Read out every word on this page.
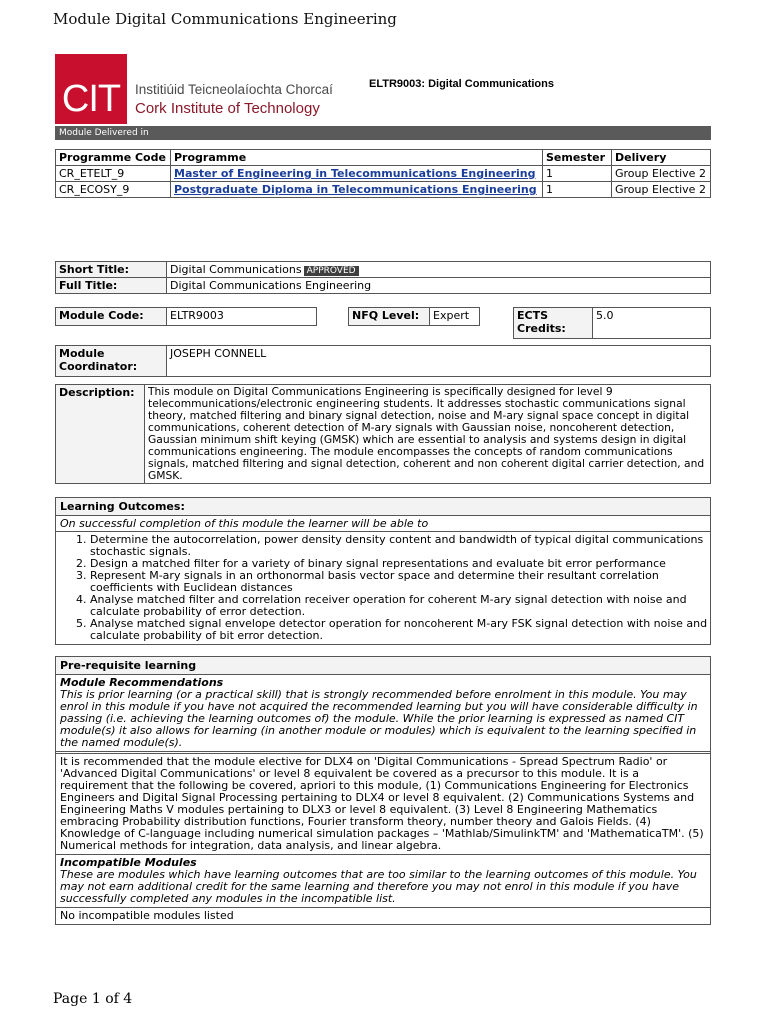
Module Digital Communications Engineering
CIT	Institiúid Teicneolaíochta Chorcaí
Cork Institute of Technology
ELTR9003: Digital Communications
Module Delivered in
Programme Code	Programme	Semester	Delivery
CR_ETELT_9	Master of Engineering in Telecommunications Engineering	1	Group Elective 2
CR_ECOSY_9	Postgraduate Diploma in Telecommunications Engineering	1	Group Elective 2
Short Title:	Digital Communications APPROVED
Full Title:	Digital Communications Engineering
Module Code:	ELTR9003	NFQ Level:	Expert	ECTS Credits:	5.0
Module Coordinator:	JOSEPH CONNELL
Description:	This module on Digital Communications Engineering is specifically designed for level 9 telecommunications/electronic engineering students. It addresses stochastic communications signal theory, matched filtering and binary signal detection, noise and M-ary signal space concept in digital communications, coherent detection of M-ary signals with Gaussian noise, noncoherent detection, Gaussian minimum shift keying (GMSK) which are essential to analysis and systems design in digital communications engineering. The module encompasses the concepts of random communications signals, matched filtering and signal detection, coherent and non coherent digital carrier detection, and GMSK.
Learning Outcomes:
On successful completion of this module the learner will be able to
1. Determine the autocorrelation, power density density content and bandwidth of typical digital communications stochastic signals.
2. Design a matched filter for a variety of binary signal representations and evaluate bit error performance
3. Represent M-ary signals in an orthonormal basis vector space and determine their resultant correlation coefficients with Euclidean distances
4. Analyse matched filter and correlation receiver operation for coherent M-ary signal detection with noise and calculate probability of error detection.
5. Analyse matched signal envelope detector operation for noncoherent M-ary FSK signal detection with noise and calculate probability of bit error detection.
Pre-requisite learning
Module Recommendations
This is prior learning (or a practical skill) that is strongly recommended before enrolment in this module. You may enrol in this module if you have not acquired the recommended learning but you will have considerable difficulty in passing (i.e. achieving the learning outcomes of) the module. While the prior learning is expressed as named CIT module(s) it also allows for learning (in another module or modules) which is equivalent to the learning specified in the named module(s).
It is recommended that the module elective for DLX4 on 'Digital Communications - Spread Spectrum Radio' or 'Advanced Digital Communications' or level 8 equivalent be covered as a precursor to this module. It is a requirement that the following be covered, apriori to this module, (1) Communications Engineering for Electronics Engineers and Digital Signal Processing pertaining to DLX4 or level 8 equivalent. (2) Communications Systems and Engineering Maths V modules pertaining to DLX3 or level 8 equivalent. (3) Level 8 Engineering Mathematics embracing Probability distribution functions, Fourier transform theory, number theory and Galois Fields. (4) Knowledge of C-language including numerical simulation packages – 'Mathlab/SimulinkTM' and 'MathematicaTM'. (5) Numerical methods for integration, data analysis, and linear algebra.
Incompatible Modules
These are modules which have learning outcomes that are too similar to the learning outcomes of this module. You may not earn additional credit for the same learning and therefore you may not enrol in this module if you have successfully completed any modules in the incompatible list.
No incompatible modules listed
Page 1 of 4
